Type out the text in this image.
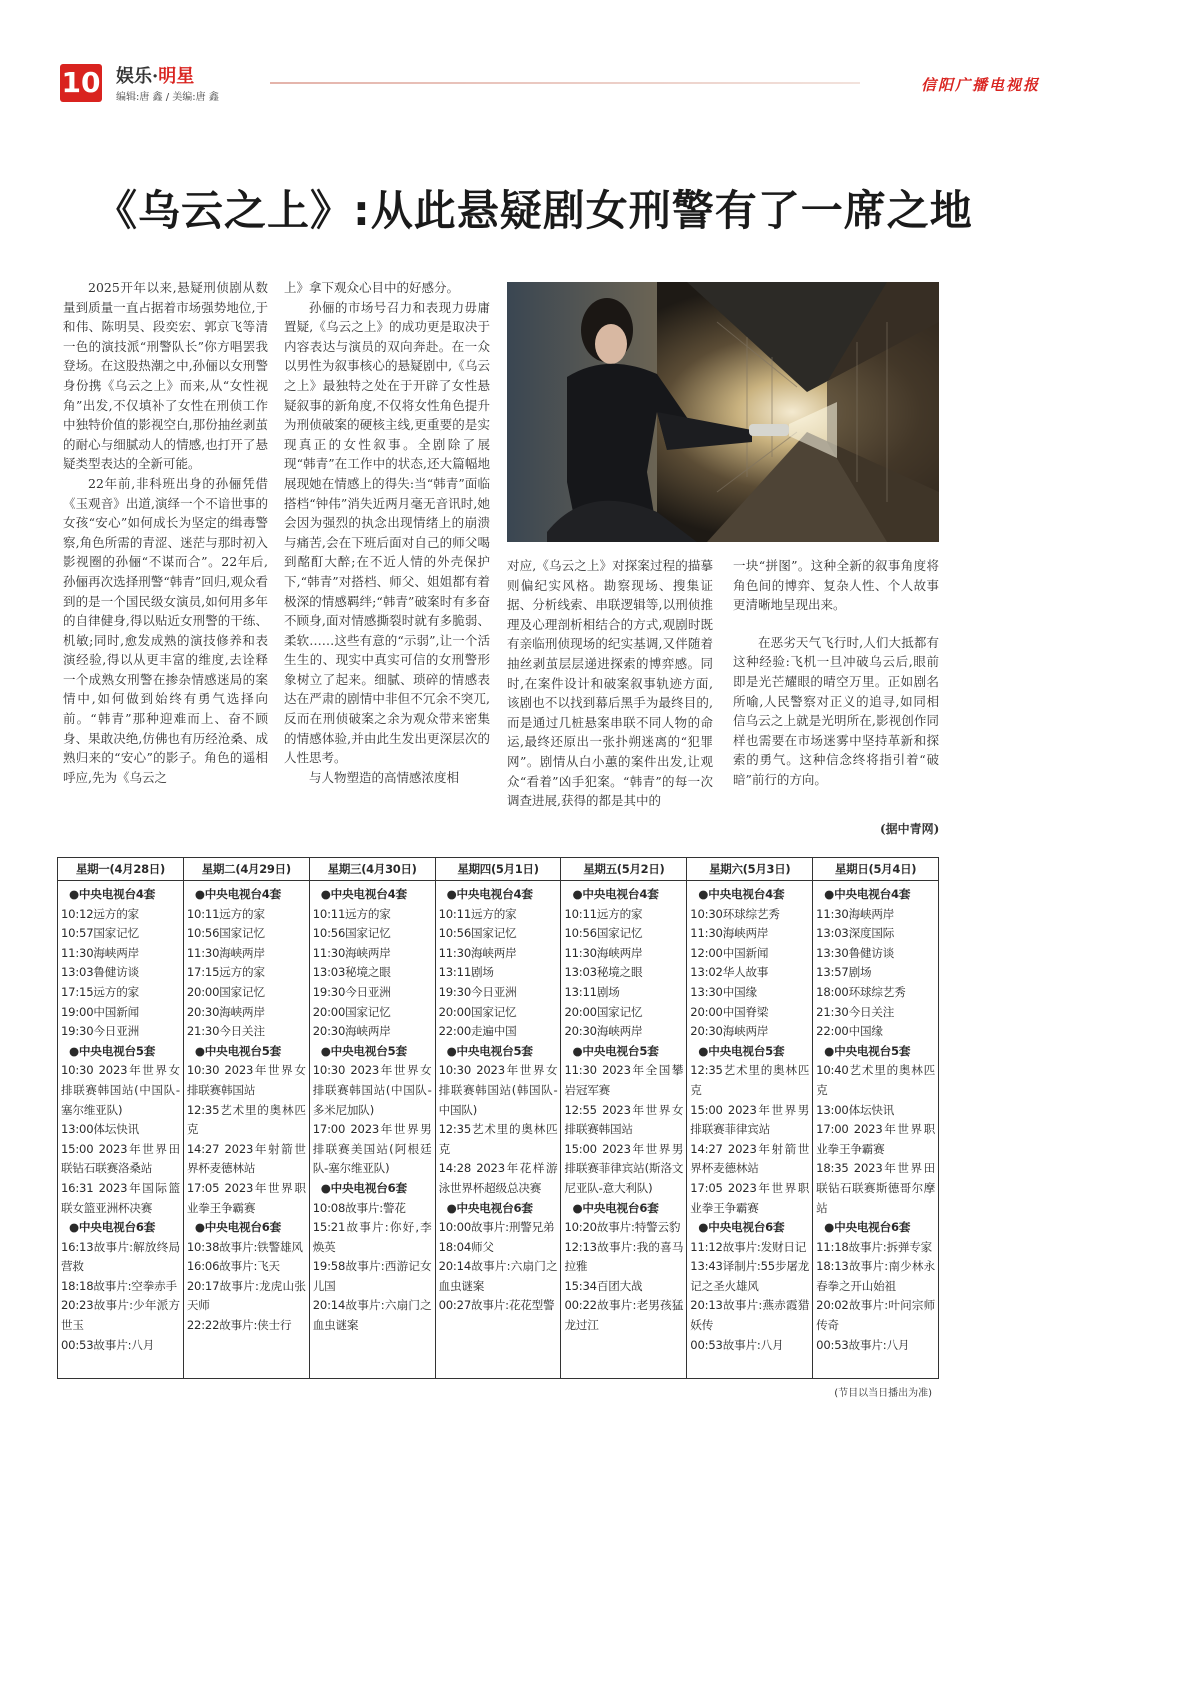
10 娱乐·明星
编辑:唐 鑫 / 美编:唐 鑫
信阳广播电视报
《乌云之上》:从此悬疑剧女刑警有了一席之地

2025开年以来,悬疑刑侦剧从数量到质量一直占据着市场强势地位,于和伟、陈明昊、段奕宏、郭京飞等清一色的演技派“刑警队长”你方唱罢我登场。在这股热潮之中,孙俪以女刑警身份携《乌云之上》而来,从“女性视角”出发,不仅填补了女性在刑侦工作中独特价值的影视空白,那份抽丝剥茧的耐心与细腻动人的情感,也打开了悬疑类型表达的全新可能。

22年前,非科班出身的孙俪凭借《玉观音》出道,演绎一个不谙世事的女孩“安心”如何成长为坚定的缉毒警察,角色所需的青涩、迷茫与那时初入影视圈的孙俪“不谋而合”。22年后,孙俪再次选择刑警“韩青”回归,观众看到的是一个国民级女演员,如何用多年的自律健身,得以贴近女刑警的干练、机敏;同时,愈发成熟的演技修养和表演经验,得以从更丰富的维度,去诠释一个成熟女刑警在掺杂情感迷局的案情中,如何做到始终有勇气选择向前。“韩青”那种迎难而上、奋不顾身、果敢决绝,仿佛也有历经沧桑、成熟归来的“安心”的影子。角色的遥相呼应,先为《乌云之

上》拿下观众心目中的好感分。

孙俪的市场号召力和表现力毋庸置疑,《乌云之上》的成功更是取决于内容表达与演员的双向奔赴。在一众以男性为叙事核心的悬疑剧中,《乌云之上》最独特之处在于开辟了女性悬疑叙事的新角度,不仅将女性角色提升为刑侦破案的硬核主线,更重要的是实现真正的女性叙事。全剧除了展现“韩青”在工作中的状态,还大篇幅地展现她在情感上的得失:当“韩青”面临搭档“钟伟”消失近两月毫无音讯时,她会因为强烈的执念出现情绪上的崩溃与痛苦,会在下班后面对自己的师父喝到酩酊大醉;在不近人情的外壳保护下,“韩青”对搭档、师父、姐姐都有着极深的情感羁绊;“韩青”破案时有多奋不顾身,面对情感撕裂时就有多脆弱、柔软……这些有意的“示弱”,让一个活生生的、现实中真实可信的女刑警形象树立了起来。细腻、琐碎的情感表达在严肃的剧情中非但不冗余不突兀,反而在刑侦破案之余为观众带来密集的情感体验,并由此生发出更深层次的人性思考。

与人物塑造的高情感浓度相

对应,《乌云之上》对探案过程的描摹则偏纪实风格。勘察现场、搜集证据、分析线索、串联逻辑等,以刑侦推理及心理剖析相结合的方式,观剧时既有亲临刑侦现场的纪实基调,又伴随着抽丝剥茧层层递进探索的博弈感。同时,在案件设计和破案叙事轨迹方面,该剧也不以找到幕后黑手为最终目的,而是通过几桩悬案串联不同人物的命运,最终还原出一张扑朔迷离的“犯罪网”。剧情从白小蕙的案件出发,让观众“看着”凶手犯案。“韩青”的每一次调查进展,获得的都是其中的

一块“拼图”。这种全新的叙事角度将角色间的博弈、复杂人性、个人故事更清晰地呈现出来。

在恶劣天气飞行时,人们大抵都有这种经验:飞机一旦冲破乌云后,眼前即是光芒耀眼的晴空万里。正如剧名所喻,人民警察对正义的追寻,如同相信乌云之上就是光明所在,影视创作同样也需要在市场迷雾中坚持革新和探索的勇气。这种信念终将指引着“破暗”前行的方向。

(据中青网)
星期一(4月28日)
●中央电视台4套
10:12远方的家
10:57国家记忆
11:30海峡两岸
13:03鲁健访谈
17:15远方的家
19:00中国新闻
19:30今日亚洲
●中央电视台5套
10:30 2023年世界女排联赛韩国站(中国队-塞尔维亚队)
13:00体坛快讯
15:00 2023年世界田联钻石联赛洛桑站
16:31 2023年国际篮联女篮亚洲杯决赛
●中央电视台6套
16:13故事片:解放终局营救
18:18故事片:空拳赤手
20:23故事片:少年派方世玉
00:53故事片:八月
星期二(4月29日)
●中央电视台4套
10:11远方的家
10:56国家记忆
11:30海峡两岸
17:15远方的家
20:00国家记忆
20:30海峡两岸
21:30今日关注
●中央电视台5套
10:30 2023年世界女排联赛韩国站
12:35艺术里的奥林匹克
14:27 2023年射箭世界杯麦德林站
17:05 2023年世界职业拳王争霸赛
●中央电视台6套
10:38故事片:铁警雄风
16:06故事片:飞天
20:17故事片:龙虎山张天师
22:22故事片:侠士行
星期三(4月30日)
●中央电视台4套
10:11远方的家
10:56国家记忆
11:30海峡两岸
13:03秘境之眼
19:30今日亚洲
20:00国家记忆
20:30海峡两岸
●中央电视台5套
10:30 2023年世界女排联赛韩国站(中国队-多米尼加队)
17:00 2023年世界男排联赛美国站(阿根廷队-塞尔维亚队)
●中央电视台6套
10:08故事片:警花
15:21故事片:你好,李焕英
19:58故事片:西游记女儿国
20:14故事片:六扇门之血虫谜案
星期四(5月1日)
●中央电视台4套
10:11远方的家
10:56国家记忆
11:30海峡两岸
13:11剧场
19:30今日亚洲
20:00国家记忆
22:00走遍中国
●中央电视台5套
10:30 2023年世界女排联赛韩国站(韩国队-中国队)
12:35艺术里的奥林匹克
14:28 2023年花样游泳世界杯超级总决赛
●中央电视台6套
10:00故事片:刑警兄弟
18:04师父
20:14故事片:六扇门之血虫谜案
00:27故事片:花花型警
星期五(5月2日)
●中央电视台4套
10:11远方的家
10:56国家记忆
11:30海峡两岸
13:03秘境之眼
13:11剧场
20:00国家记忆
20:30海峡两岸
●中央电视台5套
11:30 2023年全国攀岩冠军赛
12:55 2023年世界女排联赛韩国站
15:00 2023年世界男排联赛菲律宾站(斯洛文尼亚队-意大利队)
●中央电视台6套
10:20故事片:特警云豹
12:13故事片:我的喜马拉雅
15:34百团大战
00:22故事片:老男孩猛龙过江
星期六(5月3日)
●中央电视台4套
10:30环球综艺秀
11:30海峡两岸
12:00中国新闻
13:02华人故事
13:30中国缘
20:00中国脊梁
20:30海峡两岸
●中央电视台5套
12:35艺术里的奥林匹克
15:00 2023年世界男排联赛菲律宾站
14:27 2023年射箭世界杯麦德林站
17:05 2023年世界职业拳王争霸赛
●中央电视台6套
11:12故事片:发财日记
13:43译制片:55步屠龙记之圣火雄风
20:13故事片:燕赤霞猎妖传
00:53故事片:八月
星期日(5月4日)
●中央电视台4套
11:30海峡两岸
13:03深度国际
13:30鲁健访谈
13:57剧场
18:00环球综艺秀
21:30今日关注
22:00中国缘
●中央电视台5套
10:40艺术里的奥林匹克
13:00体坛快讯
17:00 2023年世界职业拳王争霸赛
18:35 2023年世界田联钻石联赛斯德哥尔摩站
●中央电视台6套
11:18故事片:拆弹专家
18:13故事片:南少林永春拳之开山始祖
20:02故事片:叶问宗师传奇
00:53故事片:八月
(节目以当日播出为准)
